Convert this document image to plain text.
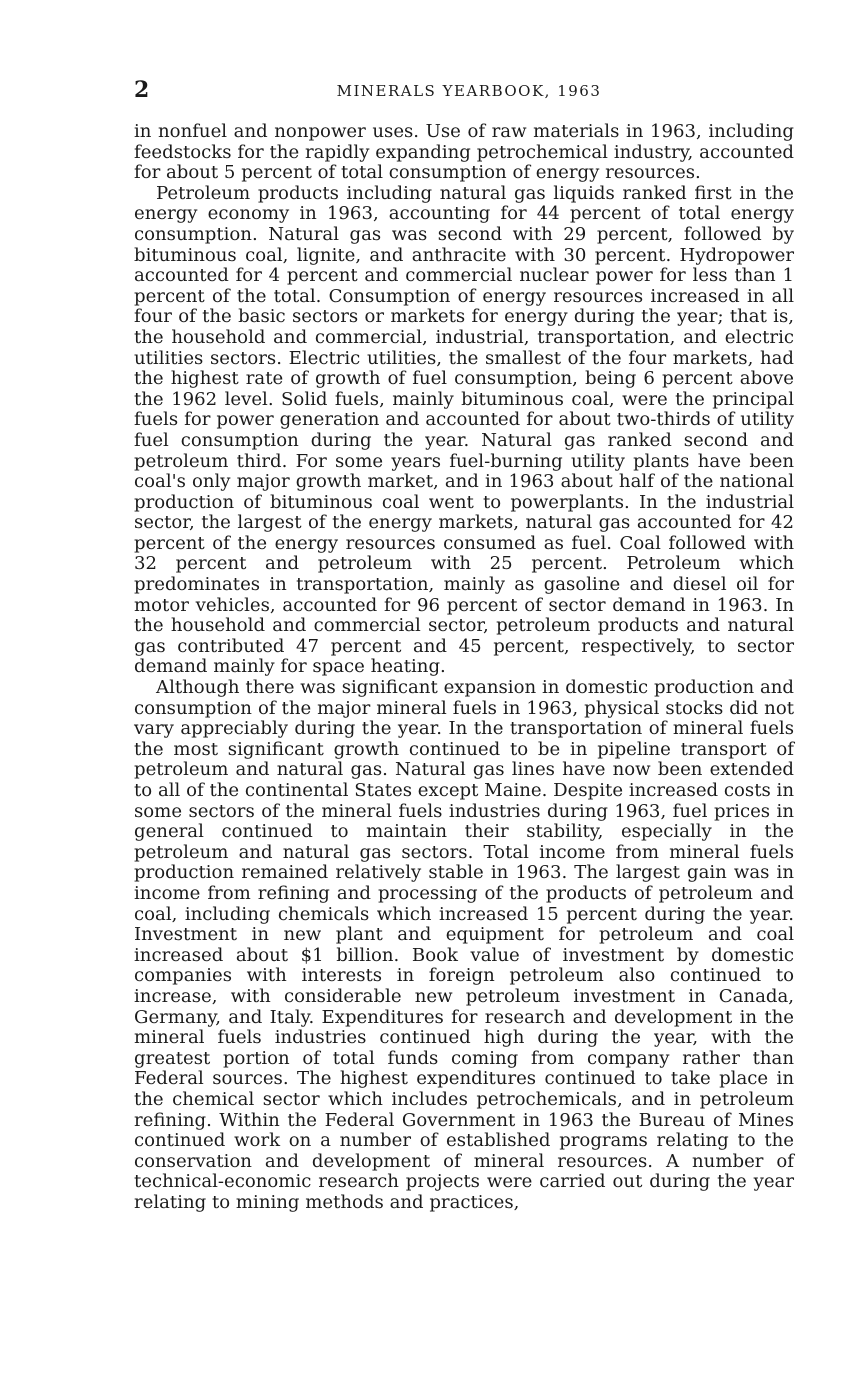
2	MINERALS YEARBOOK, 1963

in nonfuel and nonpower uses. Use of raw materials in 1963, including feedstocks for the rapidly expanding petrochemical industry, accounted for about 5 percent of total consumption of energy resources.

Petroleum products including natural gas liquids ranked first in the energy economy in 1963, accounting for 44 percent of total energy consumption. Natural gas was second with 29 percent, followed by bituminous coal, lignite, and anthracite with 30 percent. Hydropower accounted for 4 percent and commercial nuclear power for less than 1 percent of the total. Consumption of energy resources increased in all four of the basic sectors or markets for energy during the year; that is, the household and commercial, industrial, transportation, and electric utilities sectors. Electric utilities, the smallest of the four markets, had the highest rate of growth of fuel consumption, being 6 percent above the 1962 level. Solid fuels, mainly bituminous coal, were the principal fuels for power generation and accounted for about two-thirds of utility fuel consumption during the year. Natural gas ranked second and petroleum third. For some years fuel-burning utility plants have been coal's only major growth market, and in 1963 about half of the national production of bituminous coal went to powerplants. In the industrial sector, the largest of the energy markets, natural gas accounted for 42 percent of the energy resources consumed as fuel. Coal followed with 32 percent and petroleum with 25 percent. Petroleum which predominates in transportation, mainly as gasoline and diesel oil for motor vehicles, accounted for 96 percent of sector demand in 1963. In the household and commercial sector, petroleum products and natural gas contributed 47 percent and 45 percent, respectively, to sector demand mainly for space heating.

Although there was significant expansion in domestic production and consumption of the major mineral fuels in 1963, physical stocks did not vary appreciably during the year. In the transportation of mineral fuels the most significant growth continued to be in pipeline transport of petroleum and natural gas. Natural gas lines have now been extended to all of the continental States except Maine. Despite increased costs in some sectors of the mineral fuels industries during 1963, fuel prices in general continued to maintain their stability, especially in the petroleum and natural gas sectors. Total income from mineral fuels production remained relatively stable in 1963. The largest gain was in income from refining and processing of the products of petroleum and coal, including chemicals which increased 15 percent during the year. Investment in new plant and equipment for petroleum and coal increased about $1 billion. Book value of investment by domestic companies with interests in foreign petroleum also continued to increase, with considerable new petroleum investment in Canada, Germany, and Italy. Expenditures for research and development in the mineral fuels industries continued high during the year, with the greatest portion of total funds coming from company rather than Federal sources. The highest expenditures continued to take place in the chemical sector which includes petrochemicals, and in petroleum refining. Within the Federal Government in 1963 the Bureau of Mines continued work on a number of established programs relating to the conservation and development of mineral resources. A number of technical-economic research projects were carried out during the year relating to mining methods and practices,
